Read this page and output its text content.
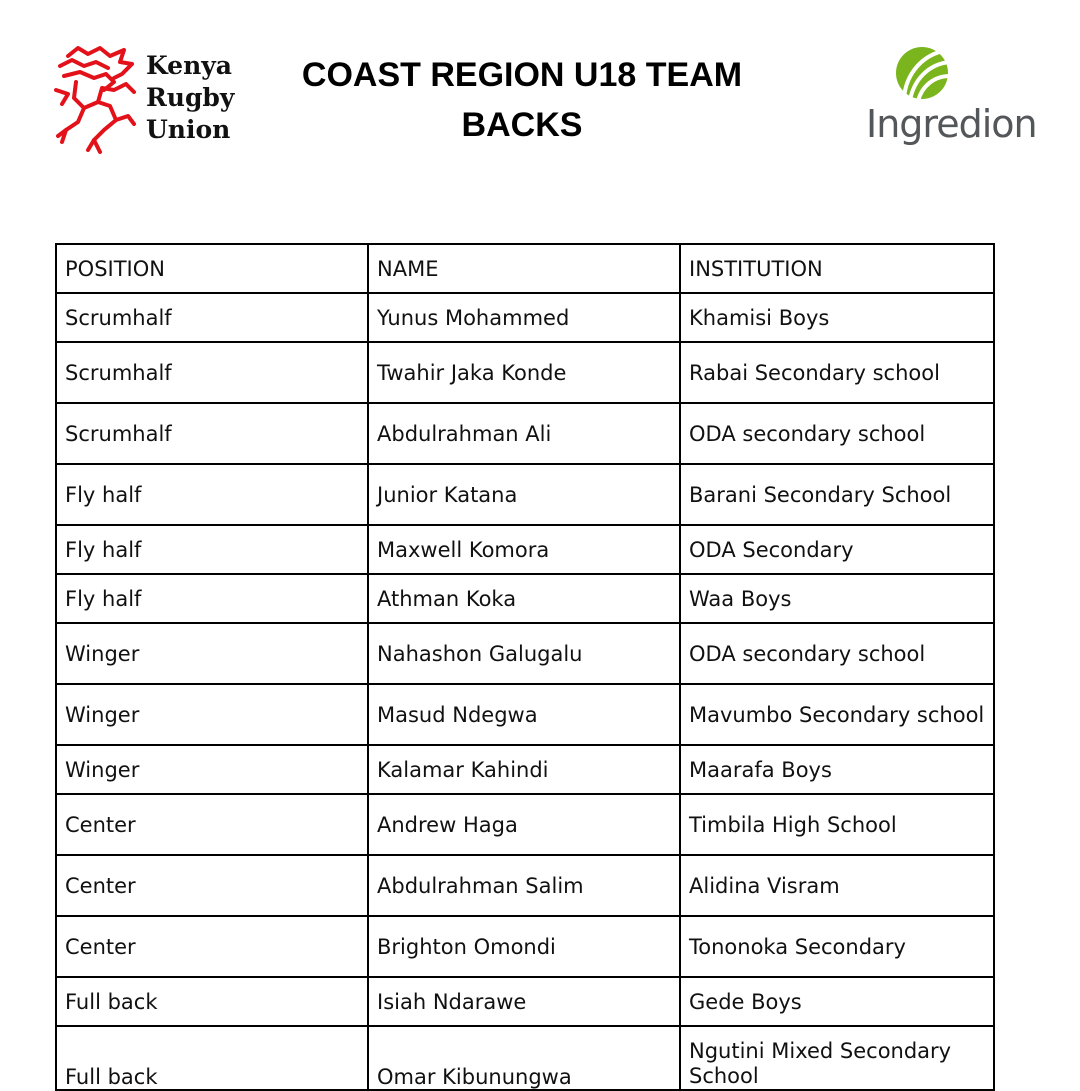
Kenya
Rugby
Union
COAST REGION U18 TEAM
BACKS	Ingredion
POSITION	NAME	INSTITUTION
Scrumhalf	Yunus Mohammed	Khamisi Boys
Scrumhalf	Twahir Jaka Konde	Rabai Secondary school
Scrumhalf	Abdulrahman Ali	ODA secondary school
Fly half	Junior Katana	Barani Secondary School
Fly half	Maxwell Komora	ODA Secondary
Fly half	Athman Koka	Waa Boys
Winger	Nahashon Galugalu	ODA secondary school
Winger	Masud Ndegwa	Mavumbo Secondary school
Winger	Kalamar Kahindi	Maarafa Boys
Center	Andrew Haga	Timbila High School
Center	Abdulrahman Salim	Alidina Visram
Center	Brighton Omondi	Tononoka Secondary
Full back	Isiah Ndarawe	Gede Boys
Full back	Omar Kibunungwa	Ngutini Mixed Secondary School
